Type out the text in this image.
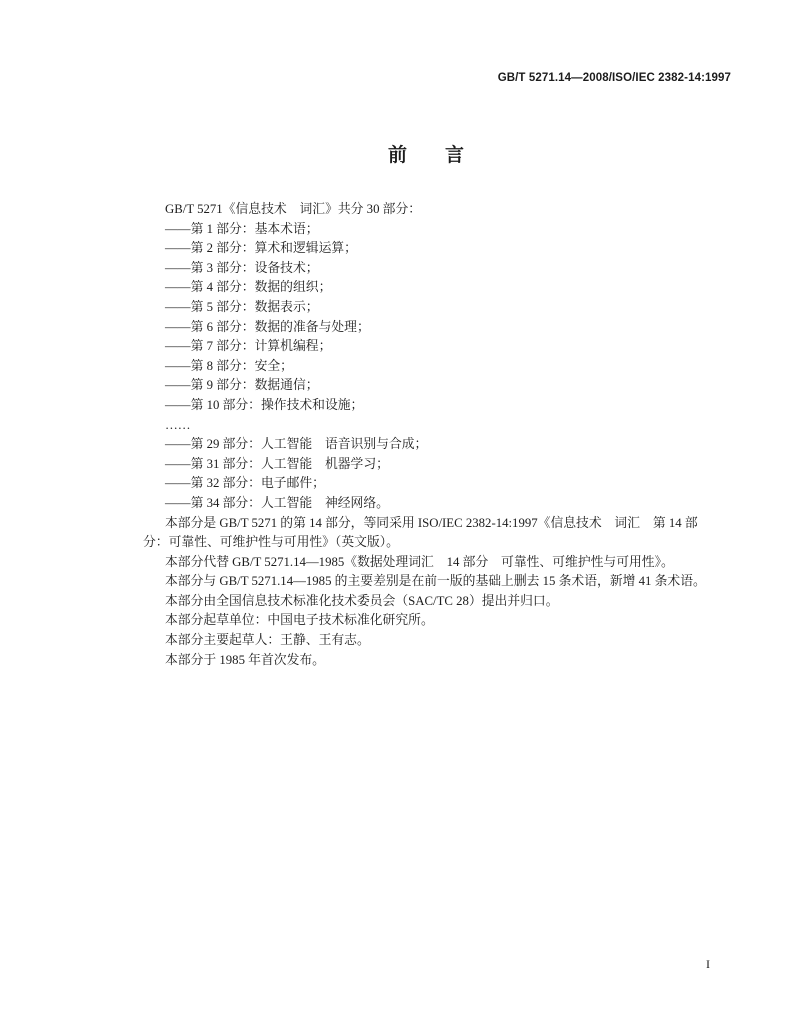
GB/T 5271.14—2008/ISO/IEC 2382-14:1997
前　　言
GB/T 5271《信息技术　词汇》共分 30 部分：
——第 1 部分：基本术语；
——第 2 部分：算术和逻辑运算；
——第 3 部分：设备技术；
——第 4 部分：数据的组织；
——第 5 部分：数据表示；
——第 6 部分：数据的准备与处理；
——第 7 部分：计算机编程；
——第 8 部分：安全；
——第 9 部分：数据通信；
——第 10 部分：操作技术和设施；
……
——第 29 部分：人工智能　语音识别与合成；
——第 31 部分：人工智能　机器学习；
——第 32 部分：电子邮件；
——第 34 部分：人工智能　神经网络。
本部分是 GB/T 5271 的第 14 部分，等同采用 ISO/IEC 2382-14:1997《信息技术　词汇　第 14 部
分：可靠性、可维护性与可用性》（英文版）。
本部分代替 GB/T 5271.14—1985《数据处理词汇　14 部分　可靠性、可维护性与可用性》。
本部分与 GB/T 5271.14—1985 的主要差别是在前一版的基础上删去 15 条术语，新增 41 条术语。
本部分由全国信息技术标准化技术委员会（SAC/TC 28）提出并归口。
本部分起草单位：中国电子技术标准化研究所。
本部分主要起草人：王静、王有志。
本部分于 1985 年首次发布。
I
